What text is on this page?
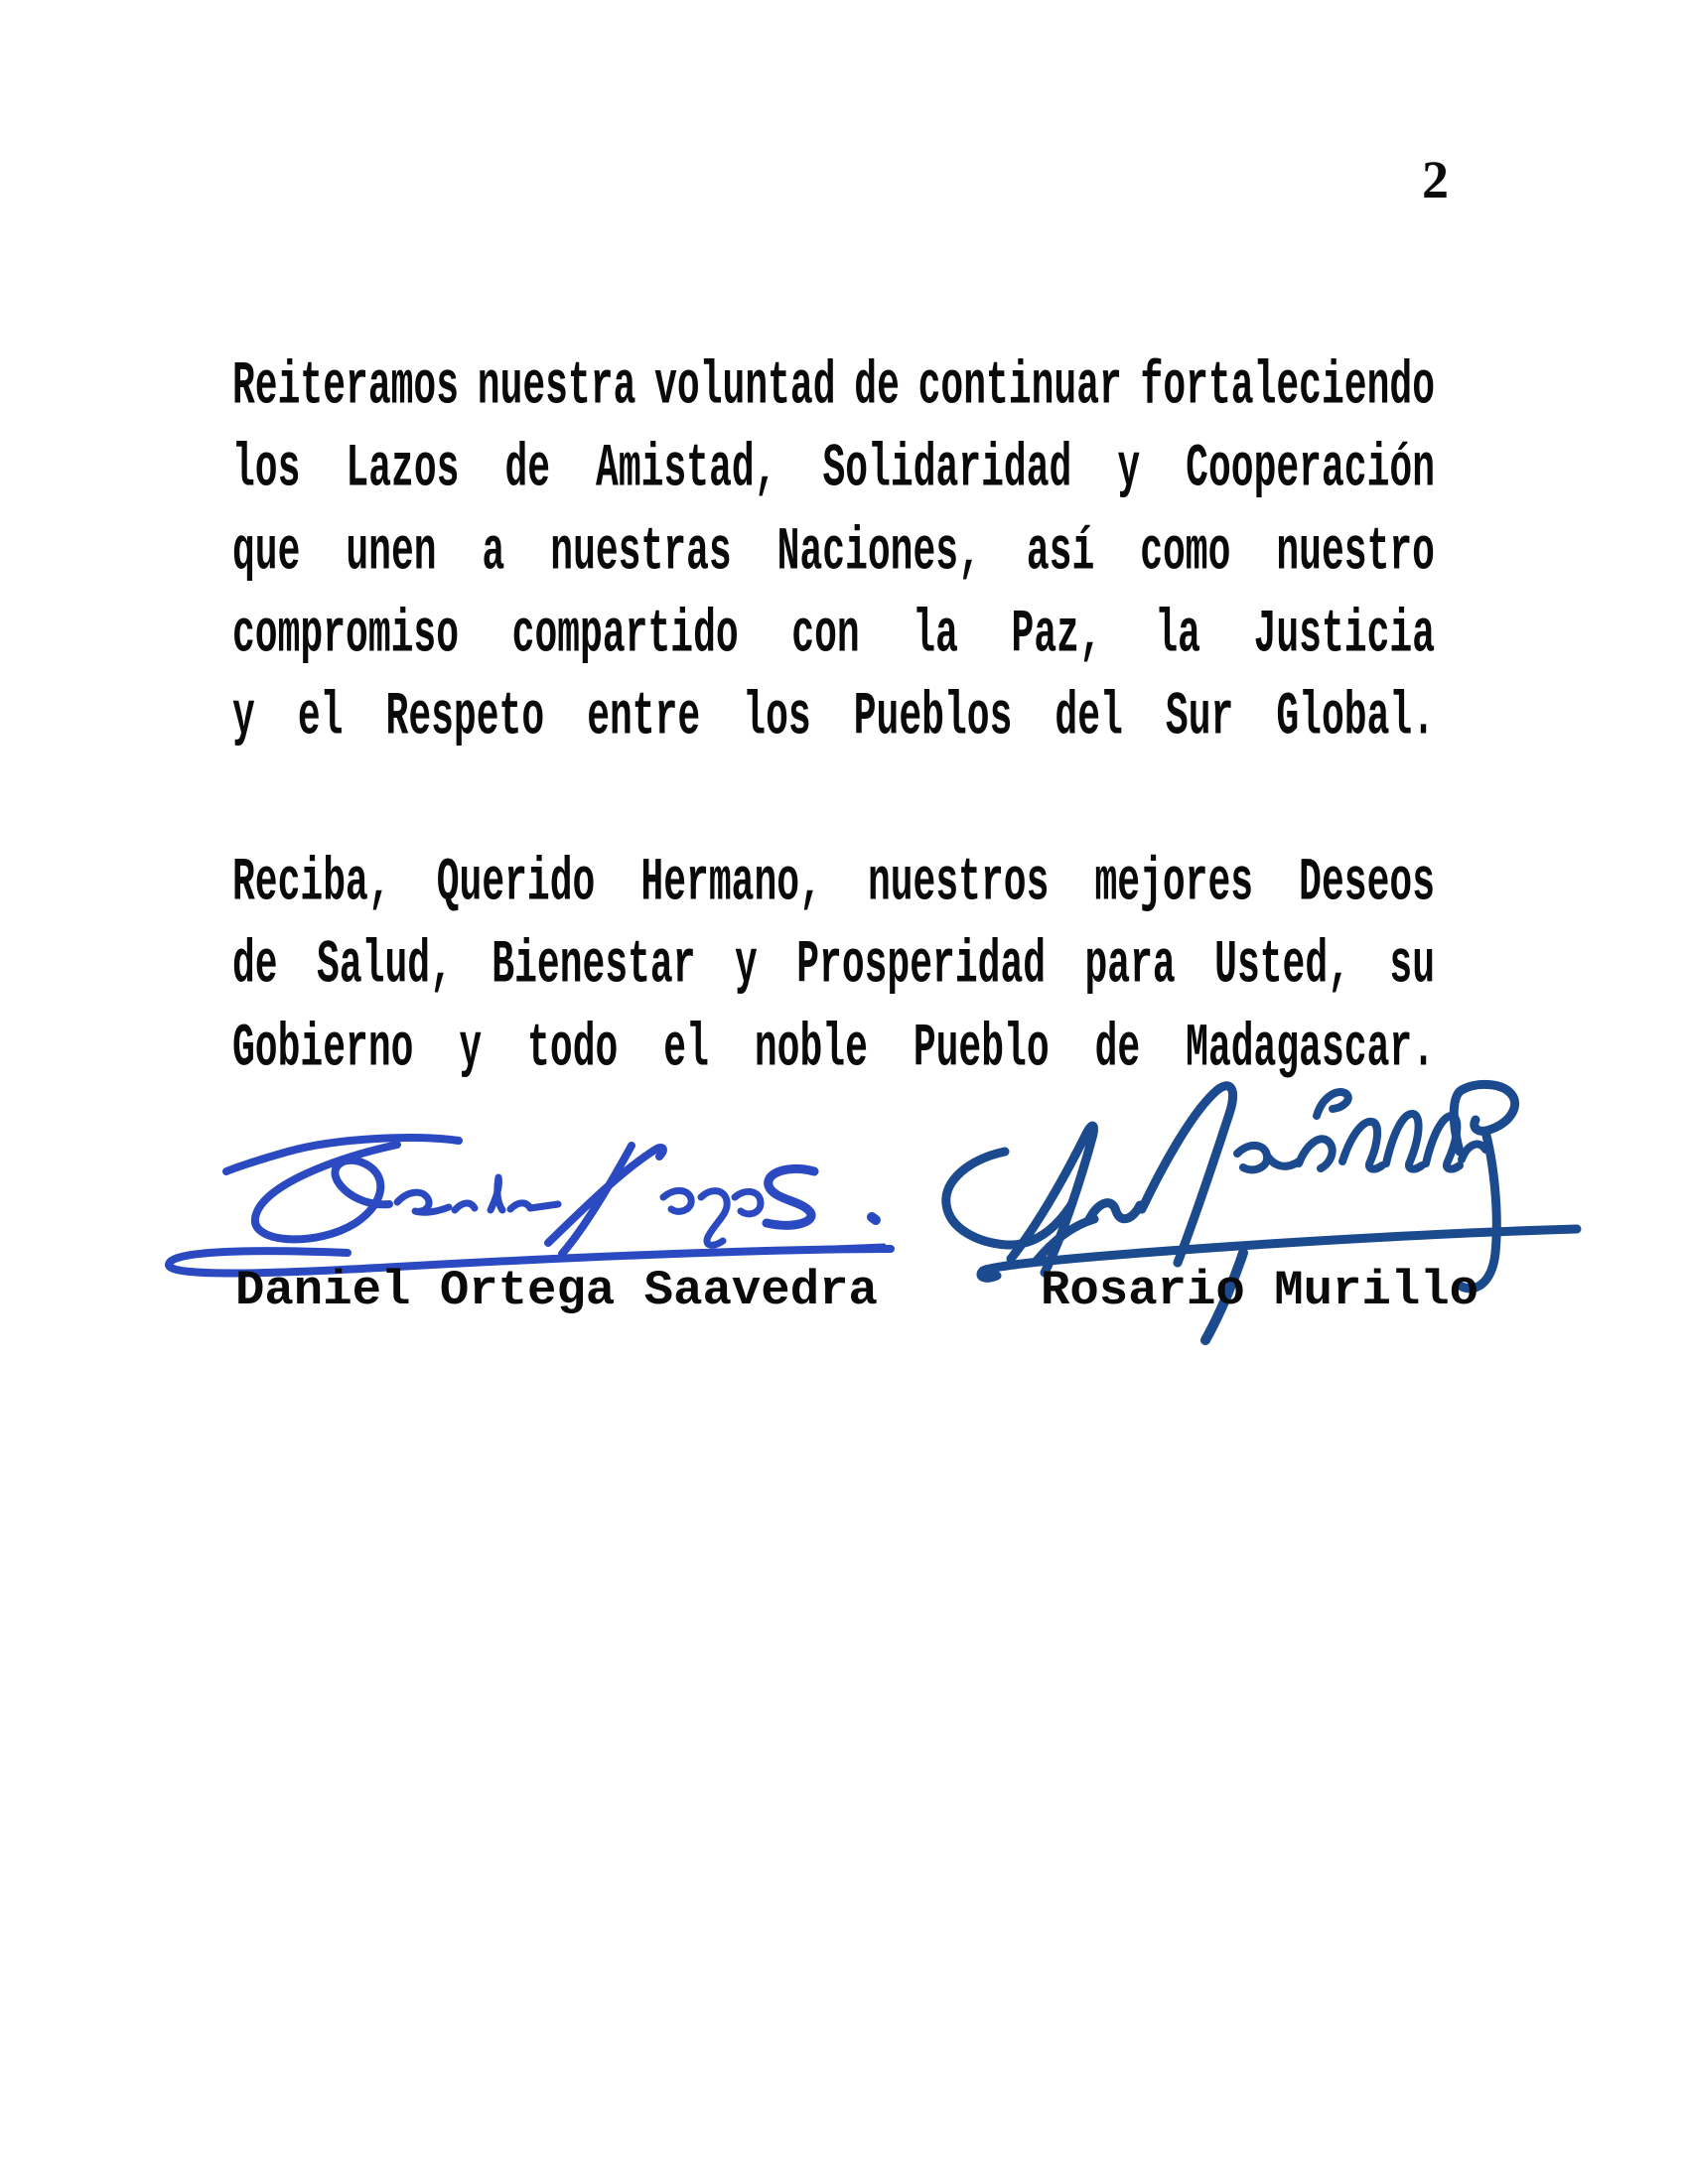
2
Reiteramos nuestra voluntad de continuar fortaleciendo
los Lazos de Amistad, Solidaridad y Cooperación
que unen a nuestras Naciones, así como nuestro
compromiso compartido con la Paz, la Justicia
y el Respeto entre los Pueblos del Sur Global.
Reciba, Querido Hermano, nuestros mejores Deseos
de Salud, Bienestar y Prosperidad para Usted, su
Gobierno y todo el noble Pueblo de Madagascar.
Daniel Ortega Saavedra	Rosario Murillo
